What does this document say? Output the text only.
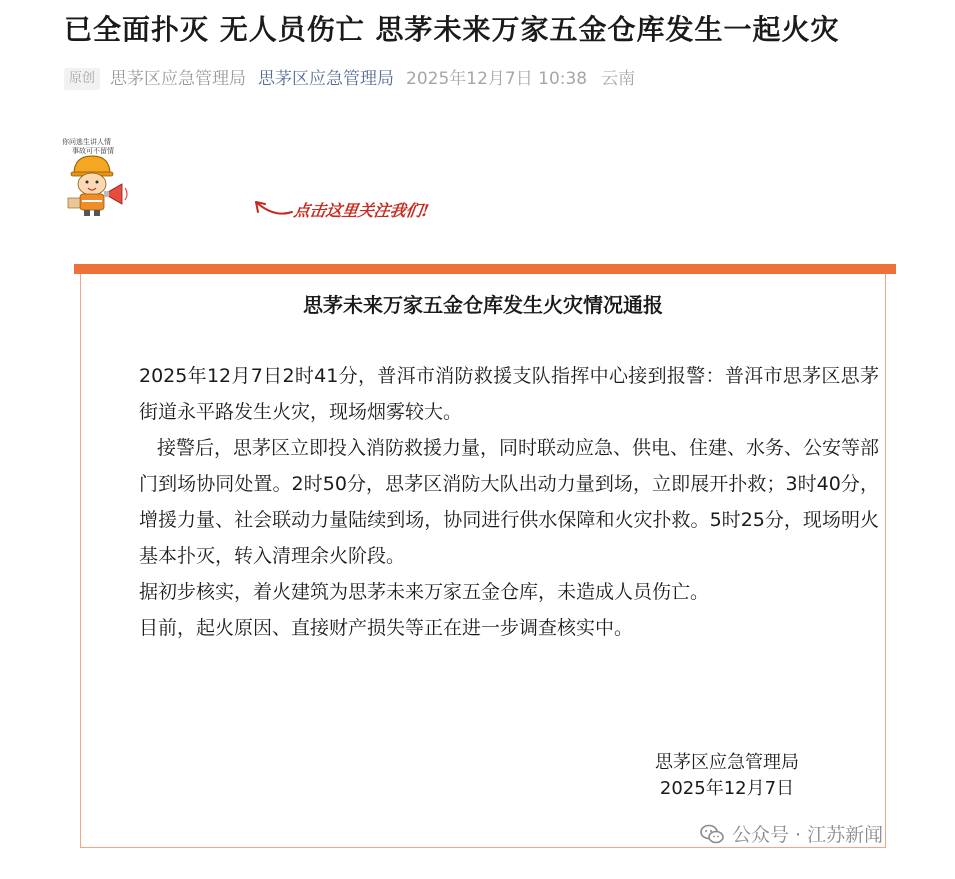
已全面扑灭 无人员伤亡 思茅未来万家五金仓库发生一起火灾
原创 思茅区应急管理局 思茅区应急管理局 2025年12月7日 10:38 云南
你问逃生讲人情
事故可不留情
点击这里关注我们!
思茅未来万家五金仓库发生火灾情况通报

2025年12月7日2时41分，普洱市消防救援支队指挥中心接到报警：普洱市思茅区思茅街道永平路发生火灾，现场烟雾较大。

接警后，思茅区立即投入消防救援力量，同时联动应急、供电、住建、水务、公安等部门到场协同处置。2时50分，思茅区消防大队出动力量到场，立即展开扑救；3时40分，增援力量、社会联动力量陆续到场，协同进行供水保障和火灾扑救。5时25分，现场明火基本扑灭，转入清理余火阶段。

据初步核实，着火建筑为思茅未来万家五金仓库，未造成人员伤亡。

目前，起火原因、直接财产损失等正在进一步调查核实中。

思茅区应急管理局
2025年12月7日
公众号 · 江苏新闻
